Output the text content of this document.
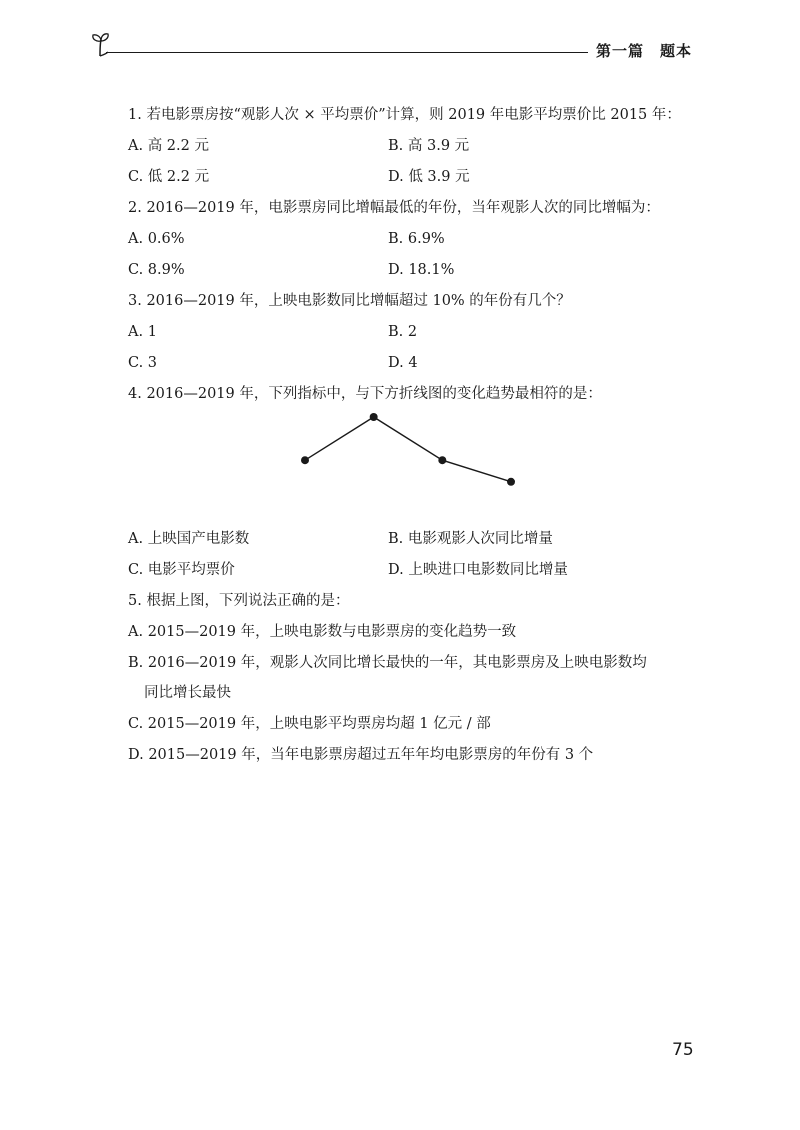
第一篇　题本

1. 若电影票房按“观影人次 × 平均票价”计算，则 2019 年电影平均票价比 2015 年：

A. 高 2.2 元	B. 高 3.9 元
C. 低 2.2 元	D. 低 3.9 元

2. 2016—2019 年，电影票房同比增幅最低的年份，当年观影人次的同比增幅为：

A. 0.6%	B. 6.9%
C. 8.9%	D. 18.1%

3. 2016—2019 年，上映电影数同比增幅超过 10% 的年份有几个？

A. 1	B. 2
C. 3	D. 4

4. 2016—2019 年，下列指标中，与下方折线图的变化趋势最相符的是：

A. 上映国产电影数	B. 电影观影人次同比增量
C. 电影平均票价	D. 上映进口电影数同比增量

5. 根据上图，下列说法正确的是：

A. 2015—2019 年，上映电影数与电影票房的变化趋势一致
B. 2016—2019 年，观影人次同比增长最快的一年，其电影票房及上映电影数均
同比增长最快
C. 2015—2019 年，上映电影平均票房均超 1 亿元 / 部
D. 2015—2019 年，当年电影票房超过五年年均电影票房的年份有 3 个
75
